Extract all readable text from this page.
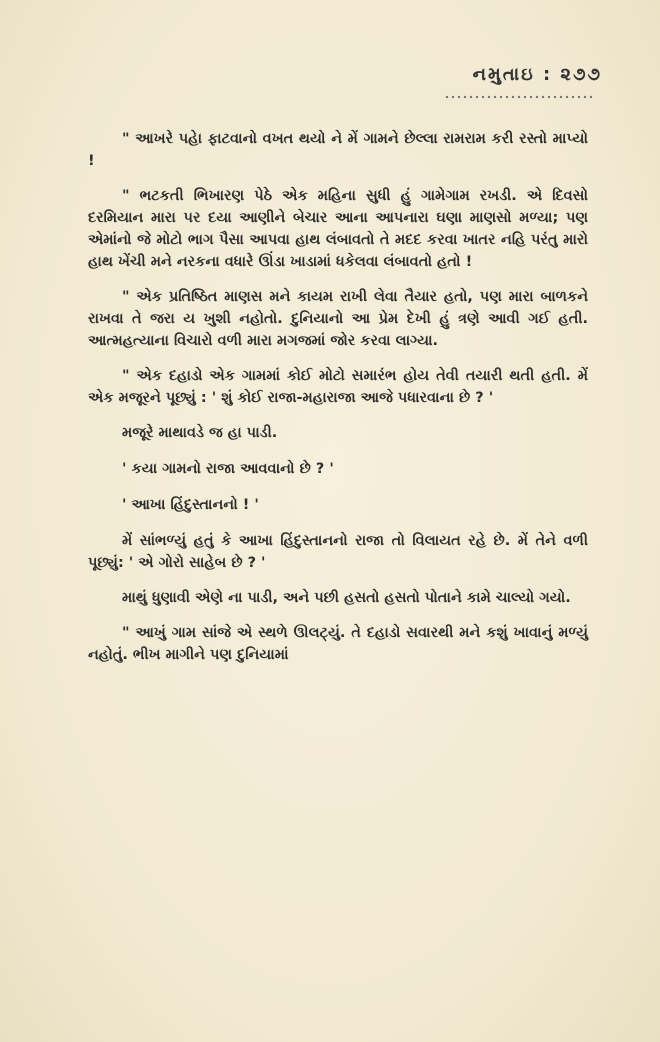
નમુતાઇ : ૨૭૭

" આખરે પહેા ફાટવાનો વખત થયો ને મેં ગામને છેલ્લા રામરામ કરી રસ્તો માપ્યો !

" ભટકતી ભિખારણ પેઠે એક મહિના સુધી હું ગામેગામ રખડી. એ દિવસો દરમિયાન મારા પર દયા આણીને બેચાર આના આપનારા ઘણા માણસો મળ્યા; પણ એમાંનો જે મોટો ભાગ પૈસા આપવા હાથ લંબાવતો તે મદદ કરવા ખાતર નહિ પરંતુ મારો હાથ ખેંચી મને નરકના વધારે ઊંડા ખાડામાં ધકેલવા લંબાવતો હતો !

" એક પ્રતિષ્ઠિત માણસ મને કાયમ રાખી લેવા તૈયાર હતો, પણ મારા બાળકને રાખવા તે જરા ય ખુશી નહોતો. દુનિયાનો આ પ્રેમ દેખી હું ત્રણે આવી ગઈ હતી. આત્મહત્યાના વિચારો વળી મારા મગજમાં જોર કરવા લાગ્યા.

" એક દહાડો એક ગામમાં કોઈ મોટો સમારંભ હોય તેવી તયારી થતી હતી. મેં એક મજૂરને પૂછ્યું : ' શું કોઈ રાજા-મહારાજા આજે પધારવાના છે ? '

મજૂરે માથાવડે જ હા પાડી.

' કયા ગામનો રાજા આવવાનો છે ? '

' આખા હિંદુસ્તાનનો ! '

મેં સાંભળ્યું હતું કે આખા હિંદુસ્તાનનો રાજા તો વિલાયત રહે છે. મેં તેને વળી પૂછ્યું: ' એ ગોરો સાહેબ છે ? '

માથું ધુણાવી એણે ના પાડી, અને પછી હસતો હસતો પોતાને કામે ચાલ્યો ગયો.

" આખું ગામ સાંજે એ સ્થળે ઊલટ્યું. તે દહાડો સવારથી મને કશું ખાવાનું મળ્યું નહોતું. ભીખ માગીને પણ દુનિયામાં
